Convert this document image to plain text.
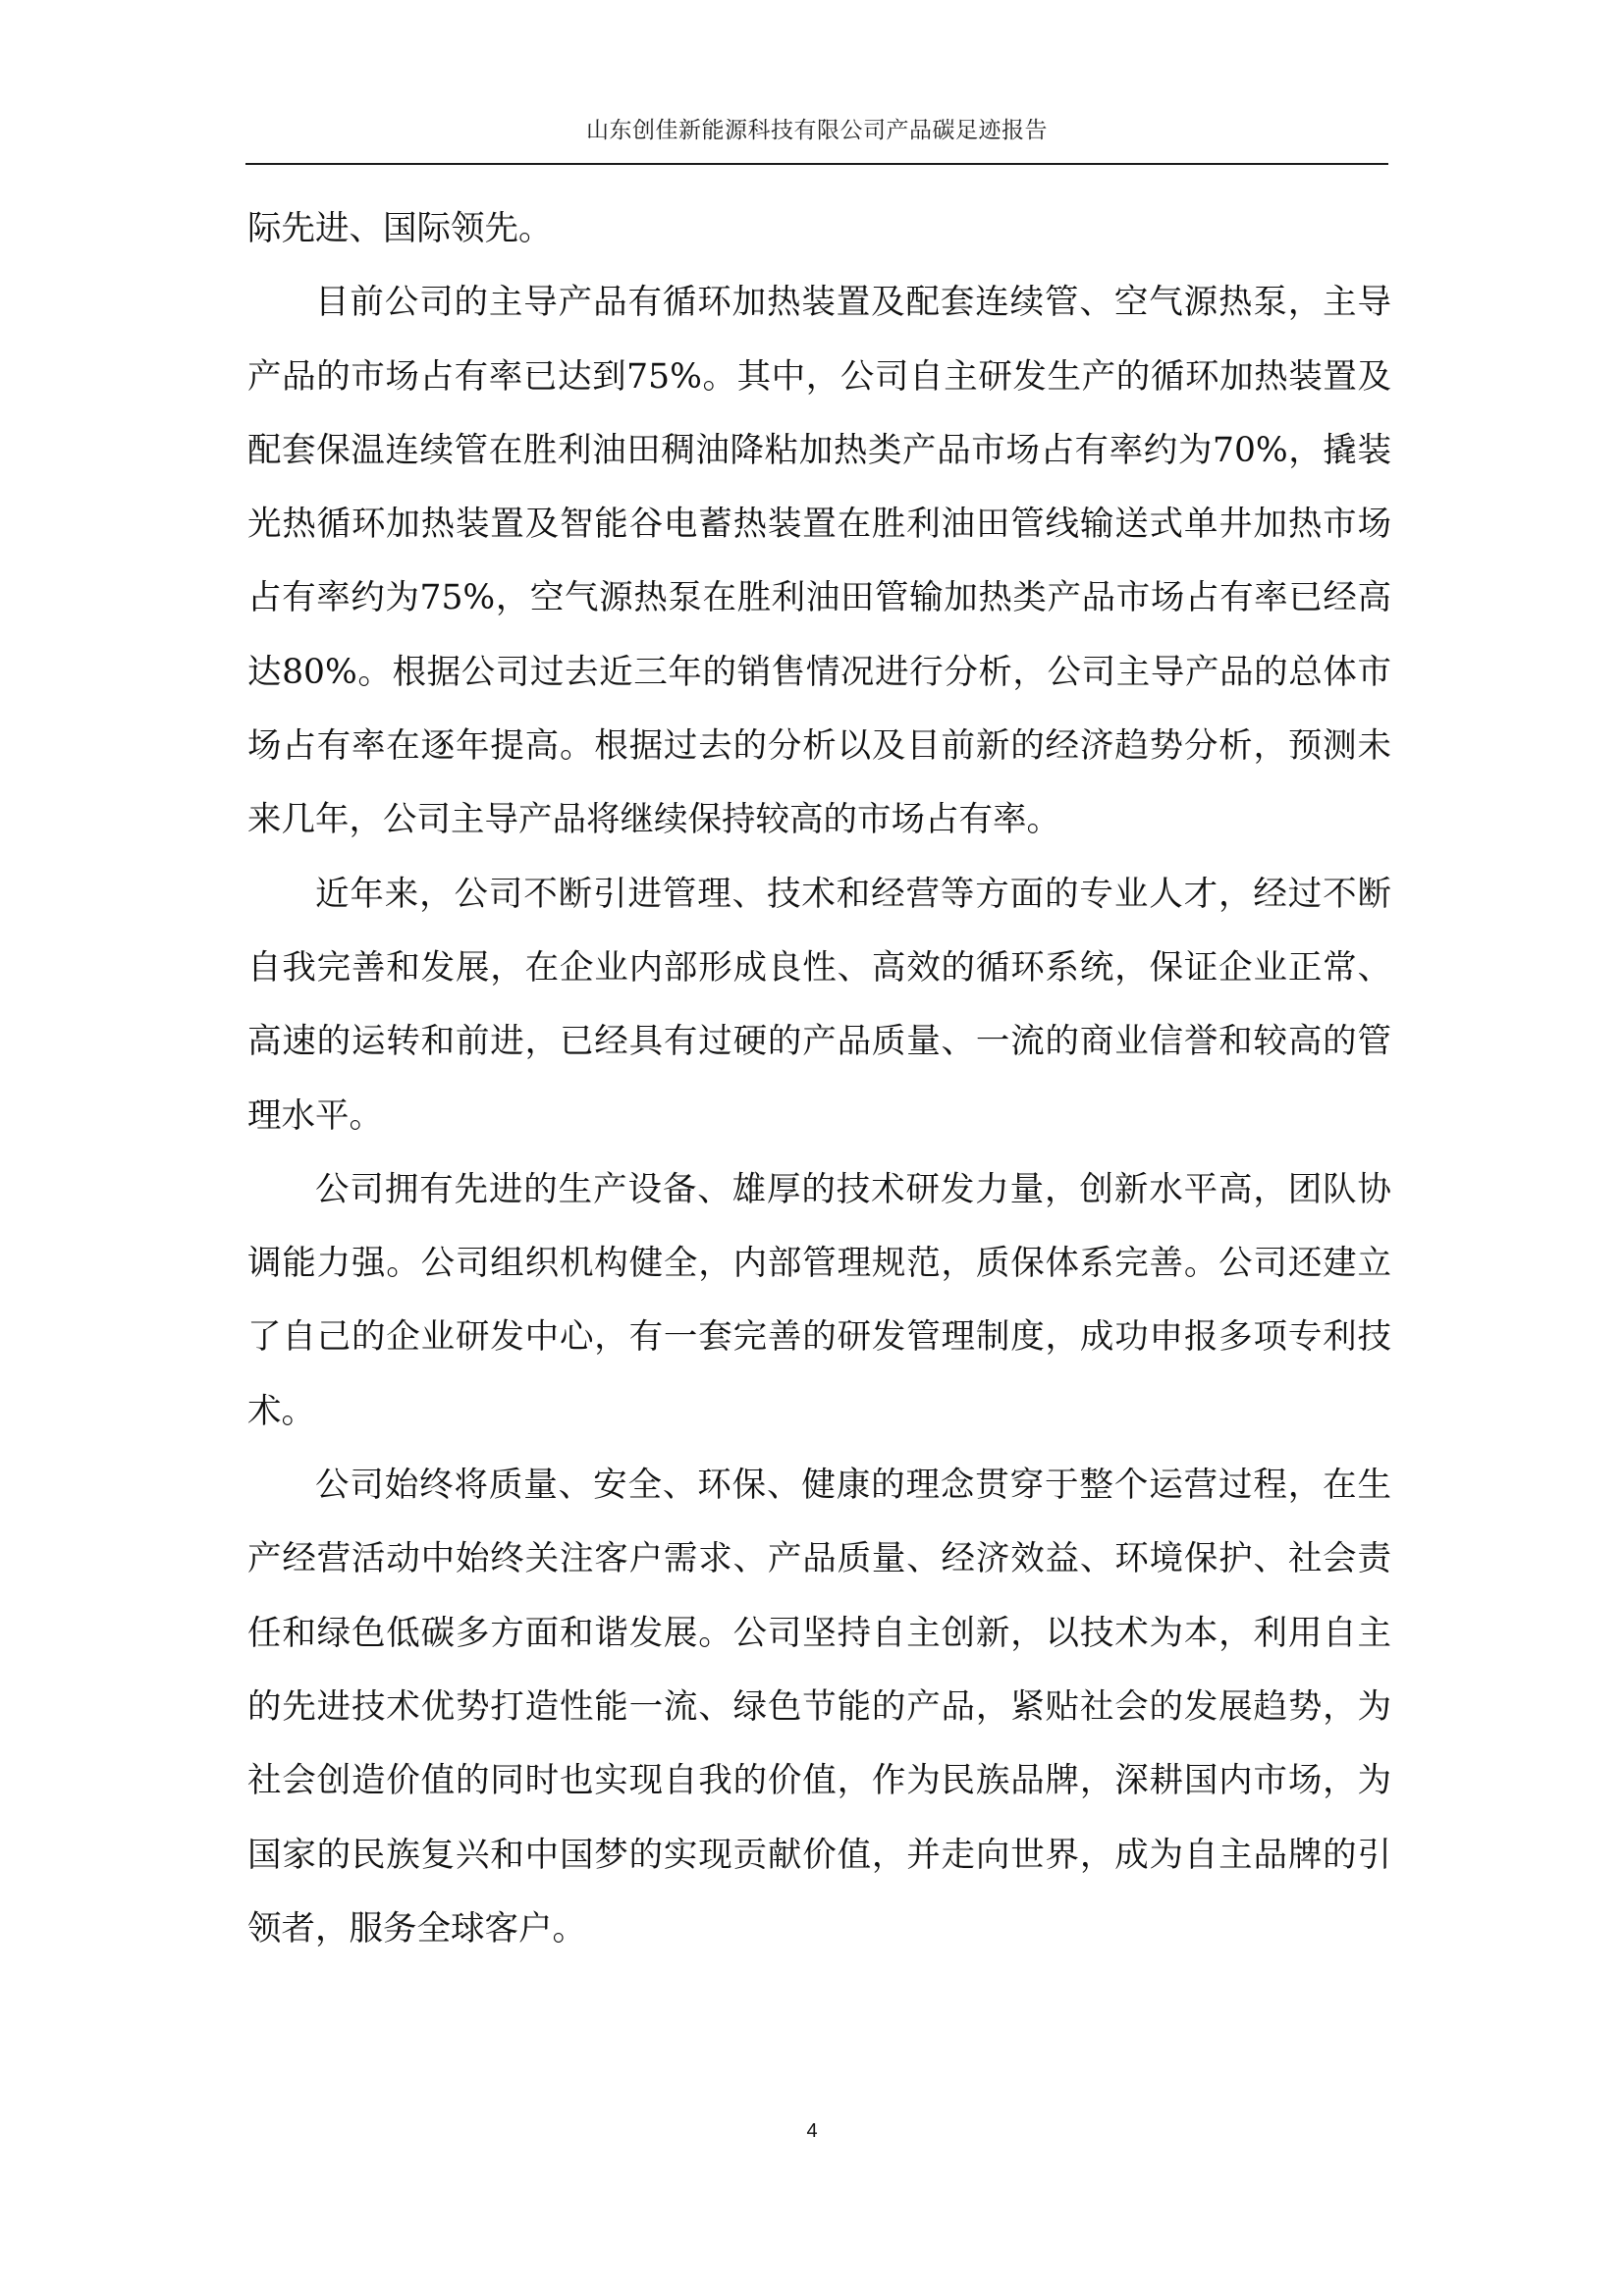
山东创佳新能源科技有限公司产品碳足迹报告

际先进、国际领先。

目前公司的主导产品有循环加热装置及配套连续管、空气源热泵，主导产品的市场占有率已达到75%。其中，公司自主研发生产的循环加热装置及配套保温连续管在胜利油田稠油降粘加热类产品市场占有率约为70%，撬装光热循环加热装置及智能谷电蓄热装置在胜利油田管线输送式单井加热市场占有率约为75%，空气源热泵在胜利油田管输加热类产品市场占有率已经高达80%。根据公司过去近三年的销售情况进行分析，公司主导产品的总体市场占有率在逐年提高。根据过去的分析以及目前新的经济趋势分析，预测未来几年，公司主导产品将继续保持较高的市场占有率。

近年来，公司不断引进管理、技术和经营等方面的专业人才，经过不断自我完善和发展，在企业内部形成良性、高效的循环系统，保证企业正常、高速的运转和前进，已经具有过硬的产品质量、一流的商业信誉和较高的管理水平。

公司拥有先进的生产设备、雄厚的技术研发力量，创新水平高，团队协调能力强。公司组织机构健全，内部管理规范，质保体系完善。公司还建立了自己的企业研发中心，有一套完善的研发管理制度，成功申报多项专利技术。

公司始终将质量、安全、环保、健康的理念贯穿于整个运营过程，在生产经营活动中始终关注客户需求、产品质量、经济效益、环境保护、社会责任和绿色低碳多方面和谐发展。公司坚持自主创新，以技术为本，利用自主的先进技术优势打造性能一流、绿色节能的产品，紧贴社会的发展趋势，为社会创造价值的同时也实现自我的价值，作为民族品牌，深耕国内市场，为国家的民族复兴和中国梦的实现贡献价值，并走向世界，成为自主品牌的引领者，服务全球客户。

4
